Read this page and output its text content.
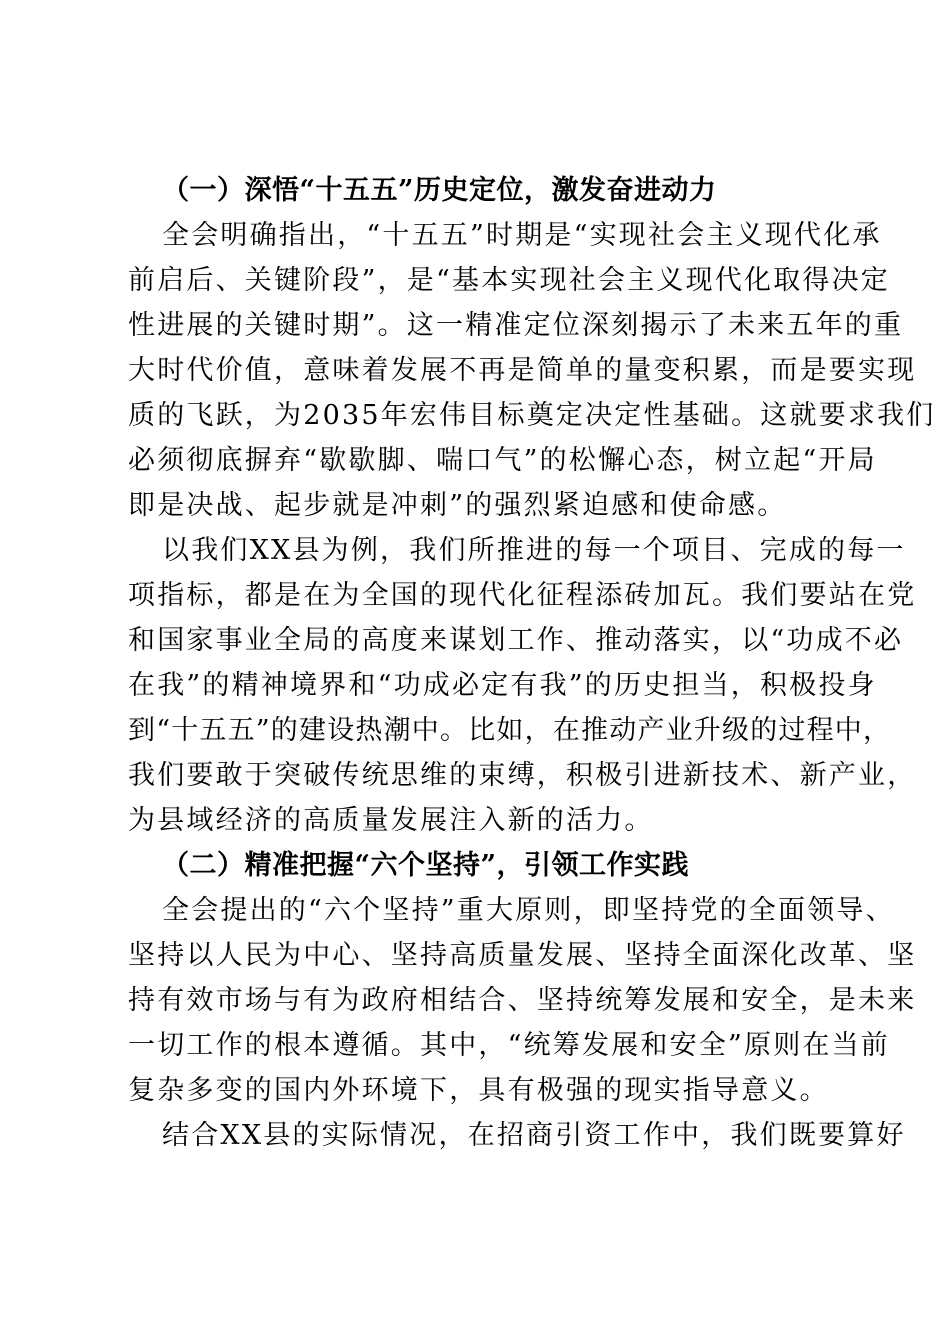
（一）深悟“十五五”历史定位，激发奋进动力

全会明确指出，“十五五”时期是“实现社会主义现代化承
前启后、关键阶段”，是“基本实现社会主义现代化取得决定
性进展的关键时期”。这一精准定位深刻揭示了未来五年的重
大时代价值，意味着发展不再是简单的量变积累，而是要实现
质的飞跃，为2035年宏伟目标奠定决定性基础。这就要求我们
必须彻底摒弃“歇歇脚、喘口气”的松懈心态，树立起“开局
即是决战、起步就是冲刺”的强烈紧迫感和使命感。

以我们XX县为例，我们所推进的每一个项目、完成的每一
项指标，都是在为全国的现代化征程添砖加瓦。我们要站在党
和国家事业全局的高度来谋划工作、推动落实，以“功成不必
在我”的精神境界和“功成必定有我”的历史担当，积极投身
到“十五五”的建设热潮中。比如，在推动产业升级的过程中，
我们要敢于突破传统思维的束缚，积极引进新技术、新产业，
为县域经济的高质量发展注入新的活力。

（二）精准把握“六个坚持”，引领工作实践

全会提出的“六个坚持”重大原则，即坚持党的全面领导、
坚持以人民为中心、坚持高质量发展、坚持全面深化改革、坚
持有效市场与有为政府相结合、坚持统筹发展和安全，是未来
一切工作的根本遵循。其中，“统筹发展和安全”原则在当前
复杂多变的国内外环境下，具有极强的现实指导意义。

结合XX县的实际情况，在招商引资工作中，我们既要算好
